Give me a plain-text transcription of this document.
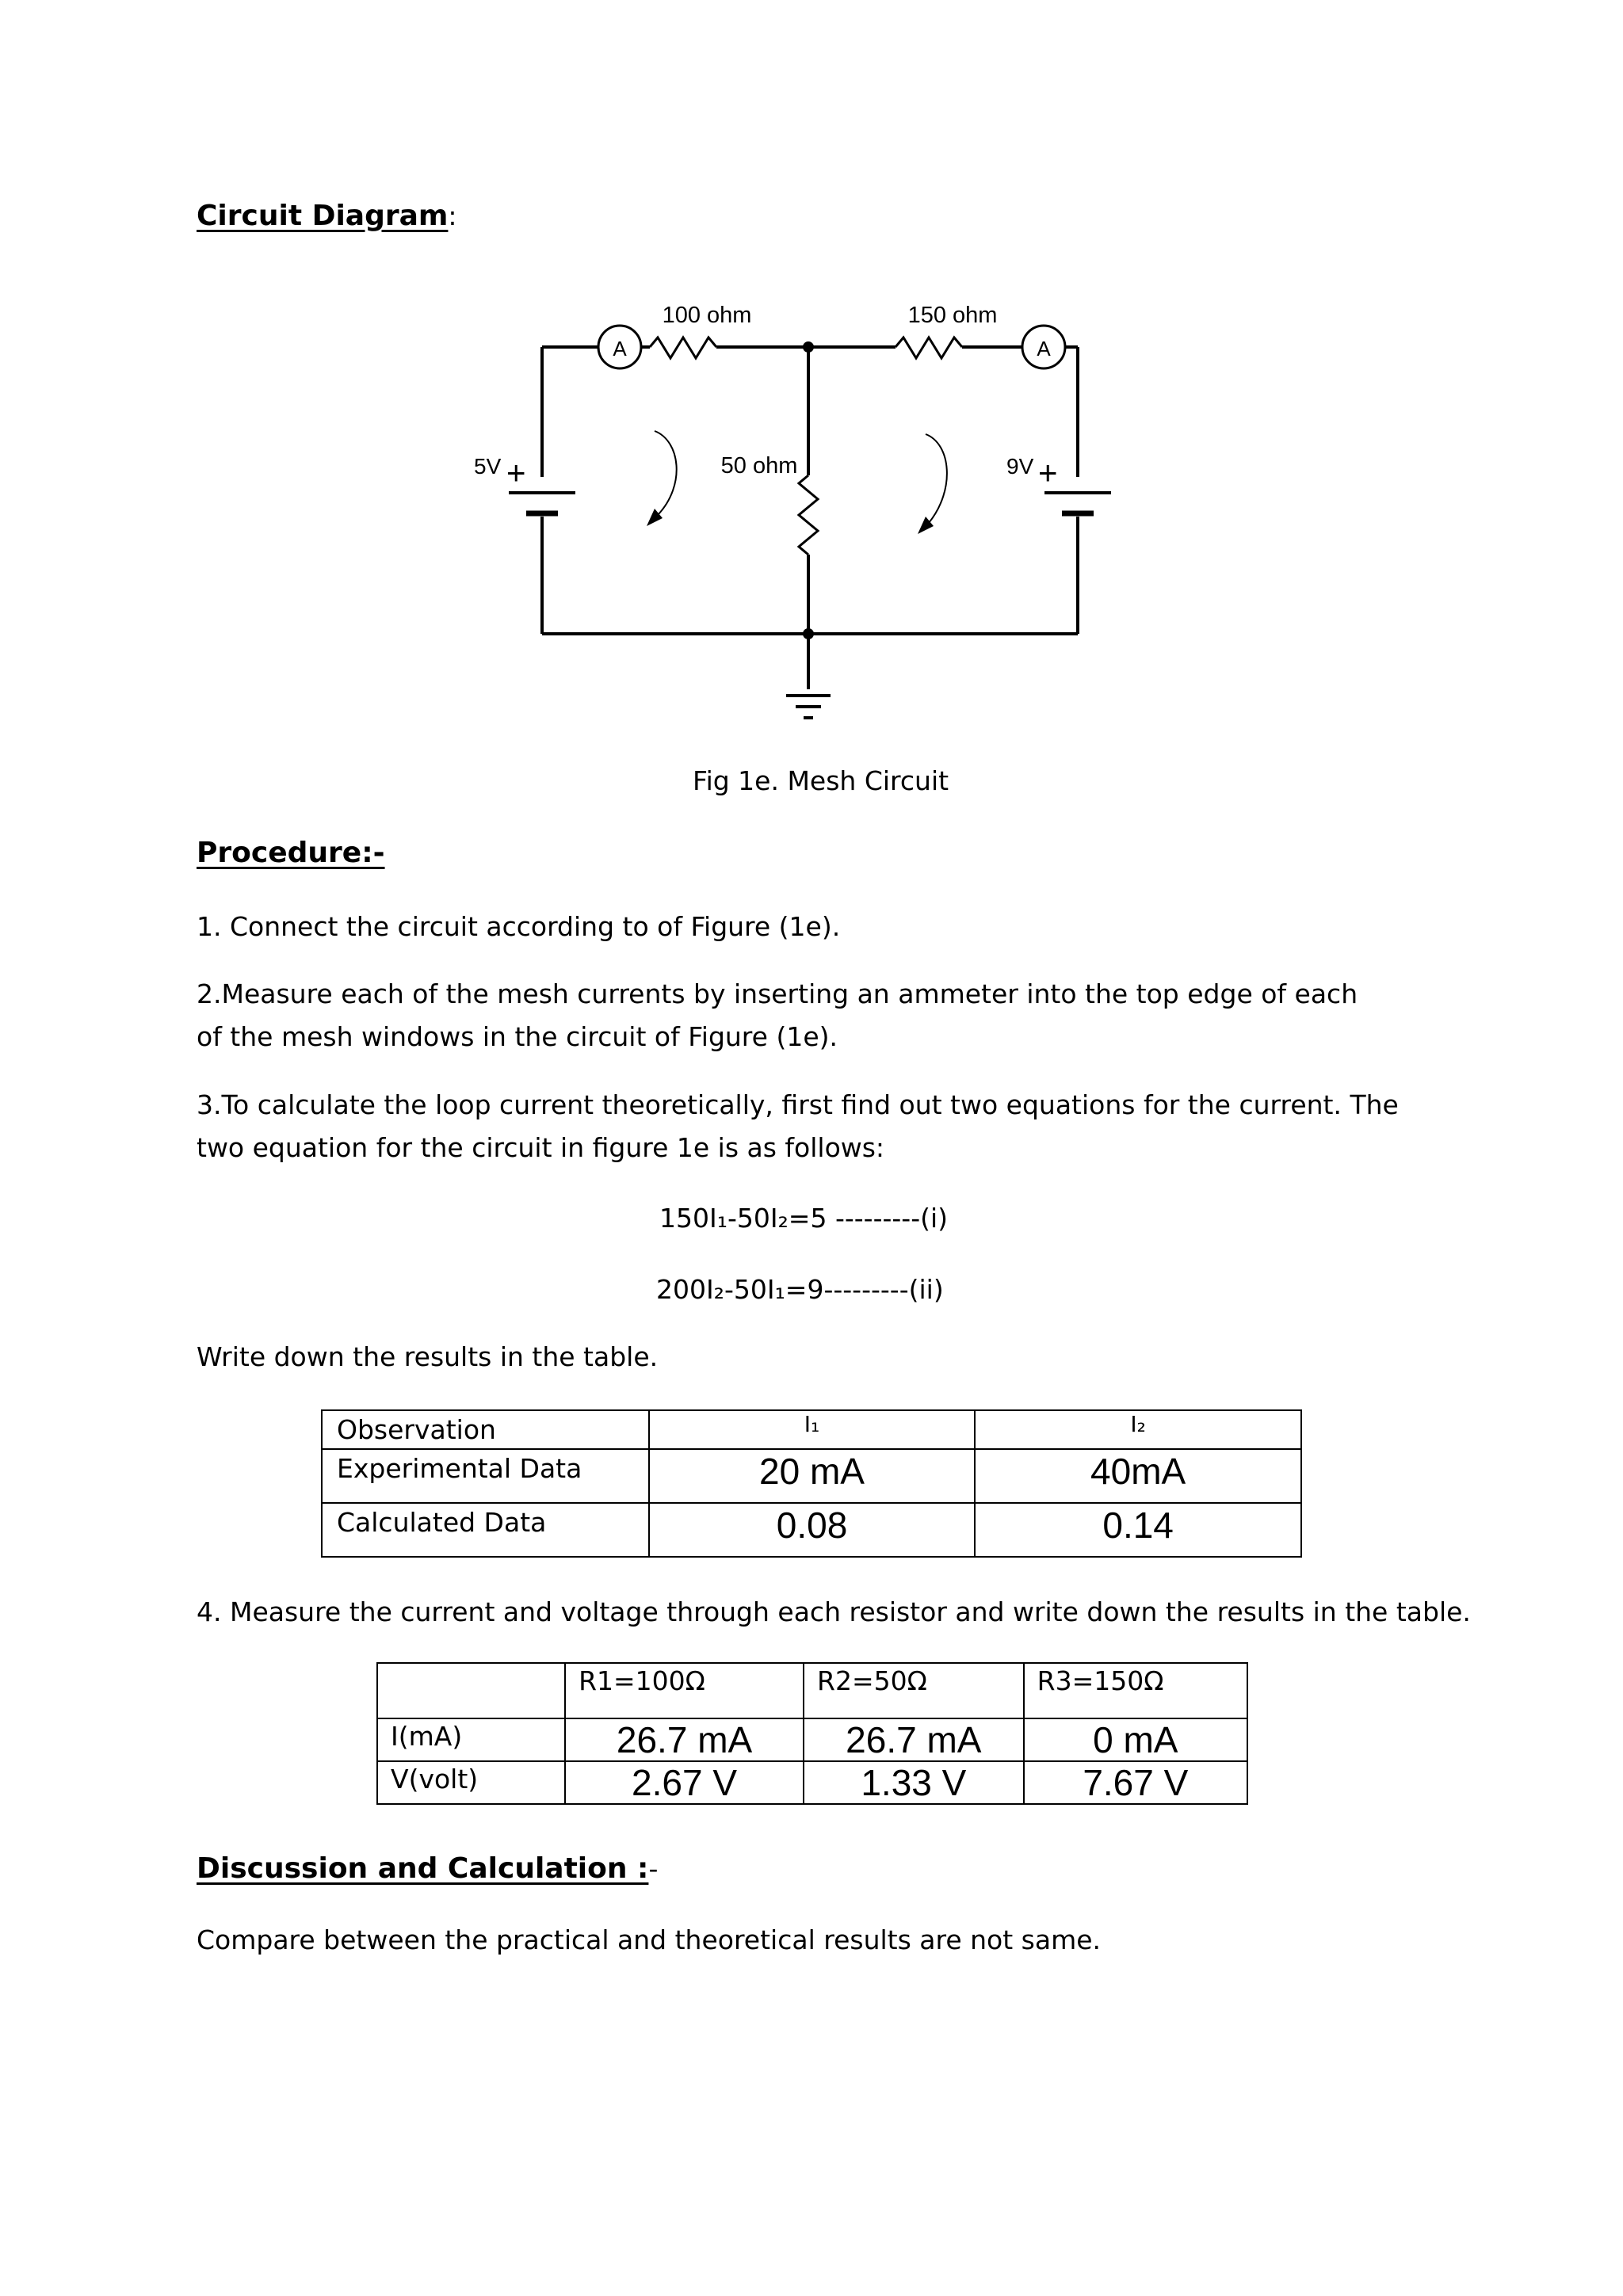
Circuit Diagram:
100 ohm	150 ohm
50 ohm
5V +	9V +
A	A
Fig 1e. Mesh Circuit
Procedure:-
1. Connect the circuit according to of Figure (1e).
2.Measure each of the mesh currents by inserting an ammeter into the top edge of each of the mesh windows in the circuit of Figure (1e).
3.To calculate the loop current theoretically, first find out two equations for the current. The two equation for the circuit in figure 1e is as follows:
150I₁-50I₂=5 ---------(i)
200I₂-50I₁=9---------(ii)
Write down the results in the table.
Observation	I₁	I₂
Experimental Data	20 mA	40mA
Calculated Data	0.08	0.14
4. Measure the current and voltage through each resistor and write down the results in the table.
	R1=100Ω	R2=50Ω	R3=150Ω
I(mA)	26.7 mA	26.7 mA	0 mA
V(volt)	2.67 V	1.33 V	7.67 V
Discussion and Calculation :-
Compare between the practical and theoretical results are not same.
